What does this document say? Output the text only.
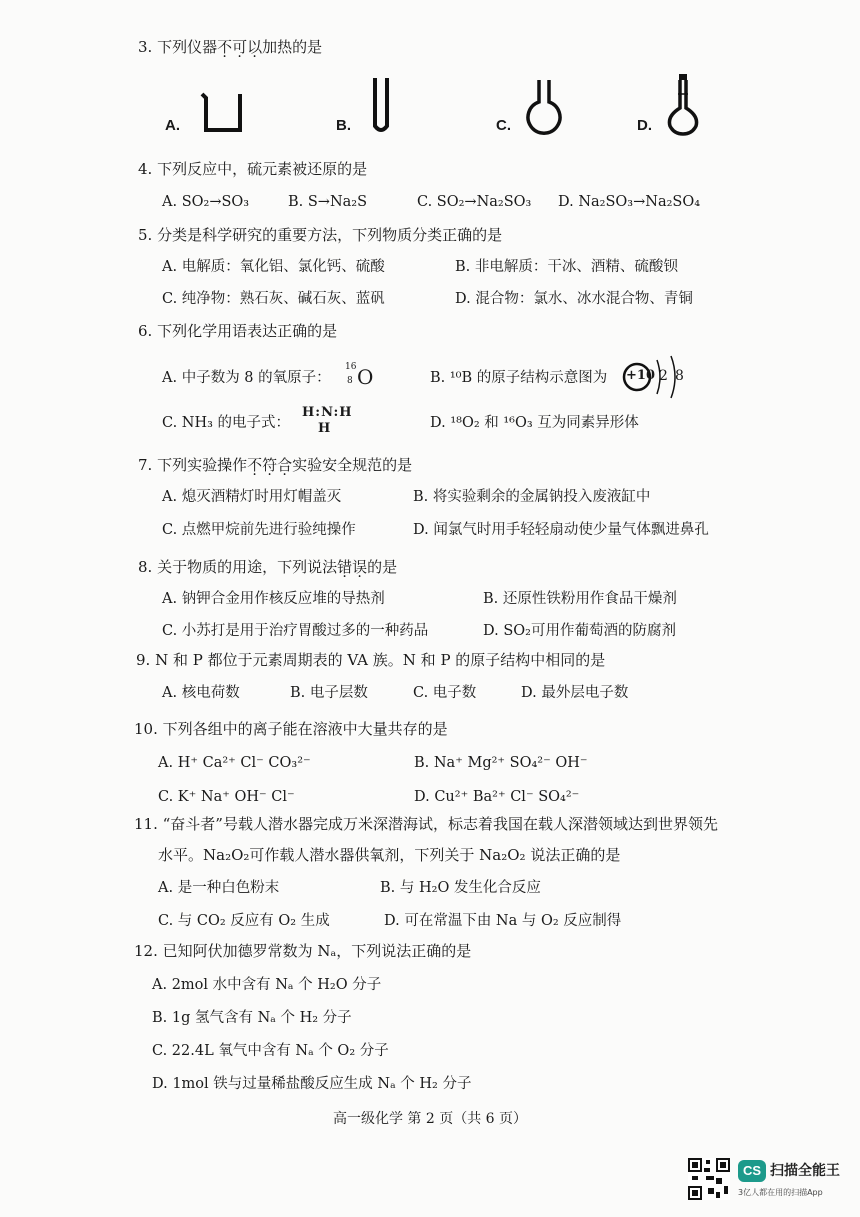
3. 下列仪器不可以加热的是
A.	B.	C.	D.
4. 下列反应中，硫元素被还原的是
A. SO₂→SO₃	B. S→Na₂S	C. SO₂→Na₂SO₃ D. Na₂SO₃→Na₂SO₄
5. 分类是科学研究的重要方法，下列物质分类正确的是
A. 电解质：氧化铝、氯化钙、硫酸	B. 非电解质：干冰、酒精、硫酸钡
C. 纯净物：熟石灰、碱石灰、蓝矾	D. 混合物：氯水、冰水混合物、青铜
6. 下列化学用语表达正确的是
A. 中子数为 8 的氧原子：
16
8 O	B. ¹⁰B 的原子结构示意图为 +10 2 8
C. NH₃ 的电子式：
H:N:H
H	D. ¹⁸O₂ 和 ¹⁶O₃ 互为同素异形体
7. 下列实验操作不符合实验安全规范的是
A. 熄灭酒精灯时用灯帽盖灭	B. 将实验剩余的金属钠投入废液缸中
C. 点燃甲烷前先进行验纯操作	D. 闻氯气时用手轻轻扇动使少量气体飘进鼻孔
8. 关于物质的用途，下列说法错误的是
A. 钠钾合金用作核反应堆的导热剂	B. 还原性铁粉用作食品干燥剂
C. 小苏打是用于治疗胃酸过多的一种药品	D. SO₂可用作葡萄酒的防腐剂
9. N 和 P 都位于元素周期表的 VA 族。N 和 P 的原子结构中相同的是
A. 核电荷数	B. 电子层数	C. 电子数	D. 最外层电子数
10. 下列各组中的离子能在溶液中大量共存的是
A. H⁺ Ca²⁺ Cl⁻ CO₃²⁻	B. Na⁺ Mg²⁺ SO₄²⁻ OH⁻
C. K⁺ Na⁺ OH⁻ Cl⁻	D. Cu²⁺ Ba²⁺ Cl⁻ SO₄²⁻
11. “奋斗者”号载人潜水器完成万米深潜海试，标志着我国在载人深潜领域达到世界领先
水平。Na₂O₂可作载人潜水器供氧剂，下列关于 Na₂O₂ 说法正确的是
A. 是一种白色粉末	B. 与 H₂O 发生化合反应
C. 与 CO₂ 反应有 O₂ 生成	D. 可在常温下由 Na 与 O₂ 反应制得
12. 已知阿伏加德罗常数为 Nₐ，下列说法正确的是
A. 2mol 水中含有 Nₐ 个 H₂O 分子
B. 1g 氢气含有 Nₐ 个 H₂ 分子
C. 22.4L 氧气中含有 Nₐ 个 O₂ 分子
D. 1mol 铁与过量稀盐酸反应生成 Nₐ 个 H₂ 分子
高一级化学 第 2 页（共 6 页）
CS 扫描全能王
3亿人都在用的扫描App
